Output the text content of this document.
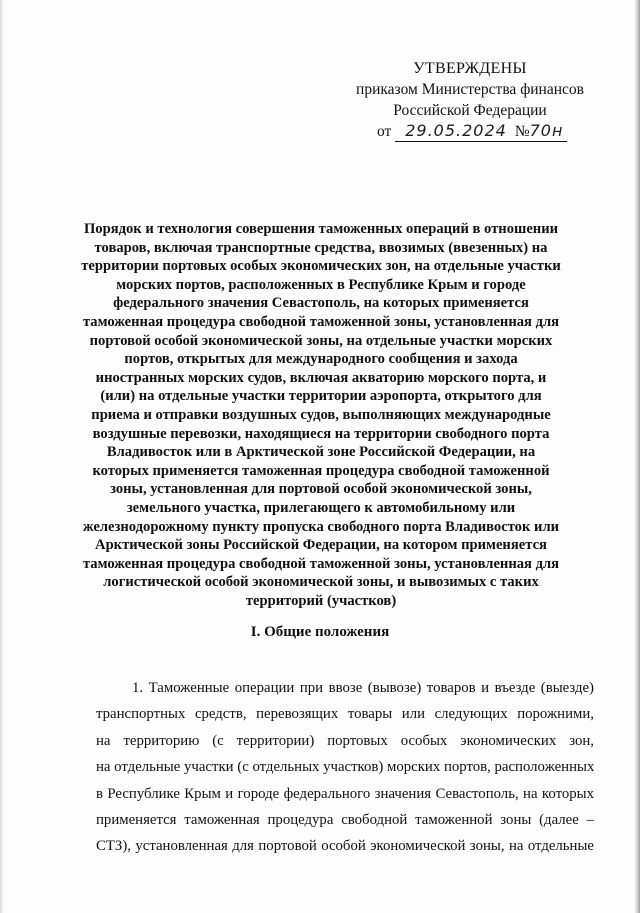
УТВЕРЖДЕНЫ
приказом Министерства финансов
Российской Федерации
от 29.05.2024 №70н
Порядок и технология совершения таможенных операций в отношении
товаров, включая транспортные средства, ввозимых (ввезенных) на
территории портовых особых экономических зон, на отдельные участки
морских портов, расположенных в Республике Крым и городе
федерального значения Севастополь, на которых применяется
таможенная процедура свободной таможенной зоны, установленная для
портовой особой экономической зоны, на отдельные участки морских
портов, открытых для международного сообщения и захода
иностранных морских судов, включая акваторию морского порта, и
(или) на отдельные участки территории аэропорта, открытого для
приема и отправки воздушных судов, выполняющих международные
воздушные перевозки, находящиеся на территории свободного порта
Владивосток или в Арктической зоне Российской Федерации, на
которых применяется таможенная процедура свободной таможенной
зоны, установленная для портовой особой экономической зоны,
земельного участка, прилегающего к автомобильному или
железнодорожному пункту пропуска свободного порта Владивосток или
Арктической зоны Российской Федерации, на котором применяется
таможенная процедура свободной таможенной зоны, установленная для
логистической особой экономической зоны, и вывозимых с таких
территорий (участков)
I. Общие положения
1. Таможенные операции при ввозе (вывозе) товаров и въезде (выезде)
транспортных средств, перевозящих товары или следующих порожними,
на территорию (с территории) портовых особых экономических зон,
на отдельные участки (с отдельных участков) морских портов, расположенных
в Республике Крым и городе федерального значения Севастополь, на которых
применяется таможенная процедура свободной таможенной зоны (далее –
СТЗ), установленная для портовой особой экономической зоны, на отдельные
